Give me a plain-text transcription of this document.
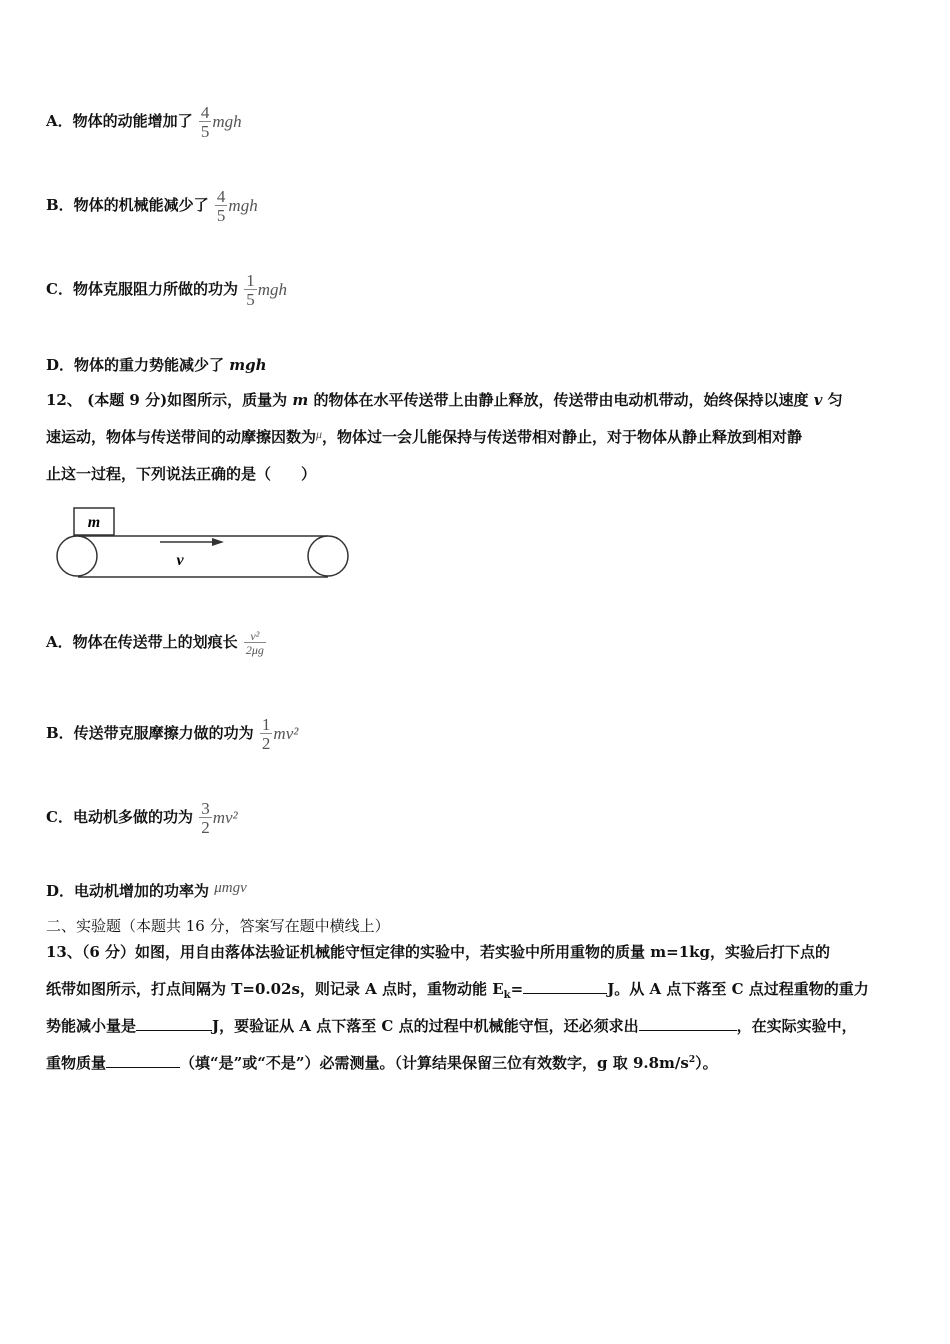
A．物体的动能增加了 $\frac{4}{5}$ mgh
B．物体的机械能减少了 $\frac{4}{5}$ mgh
C．物体克服阻力所做的功为 $\frac{1}{5}$ mgh
D．物体的重力势能减少了 mgh
12、 (本题 9 分)如图所示，质量为 m 的物体在水平传送带上由静止释放，传送带由电动机带动，始终保持以速度 v 匀
速运动，物体与传送带间的动摩擦因数为$^\mu$，物体过一会儿能保持与传送带相对静止，对于物体从静止释放到相对静
止这一过程，下列说法正确的是（　　）
m
v
A．物体在传送带上的划痕长 $\frac{\text{v²}}{2\mu g}$
B．传送带克服摩擦力做的功为 $\frac{1}{2} mv^2$
C．电动机多做的功为 $\frac{3}{2} mv^2$
D．电动机增加的功率为 μmgv
二、实验题（本题共 16 分，答案写在题中横线上）
13、（6 分）如图，用自由落体法验证机械能守恒定律的实验中，若实验中所用重物的质量 m=1kg，实验后打下点的
纸带如图所示，打点间隔为 T=0.02s，则记录 A 点时，重物动能 $E_k=$	J。从 A 点下落至 C 点过程重物的重力
势能减小量是	J，要验证从 A 点下落至 C 点的过程中机械能守恒，还必须求出	，在实际实验中，
重物质量	（填“是”或“不是”）必需测量。（计算结果保留三位有效数字，g 取 $9.8m/s^2$）。
